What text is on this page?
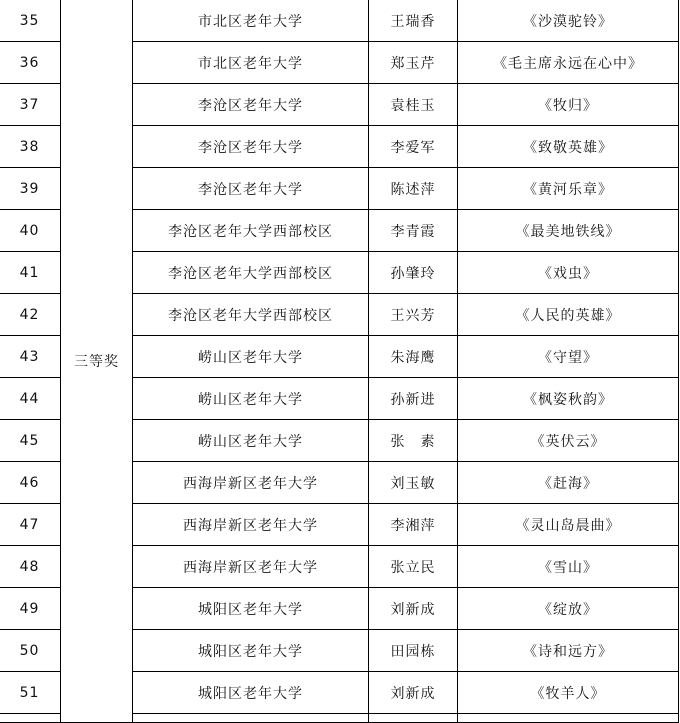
35	三等奖	市北区老年大学	王瑞香	《沙漠驼铃》
36		市北区老年大学	郑玉芹	《毛主席永远在心中》
37		李沧区老年大学	袁桂玉	《牧归》
38		李沧区老年大学	李爱军	《致敬英雄》
39		李沧区老年大学	陈述萍	《黄河乐章》
40		李沧区老年大学西部校区	李青霞	《最美地铁线》
41		李沧区老年大学西部校区	孙肇玲	《戏虫》
42		李沧区老年大学西部校区	王兴芳	《人民的英雄》
43		崂山区老年大学	朱海鹰	《守望》
44		崂山区老年大学	孙新进	《枫姿秋韵》
45		崂山区老年大学	张　素	《英伏云》
46		西海岸新区老年大学	刘玉敏	《赶海》
47		西海岸新区老年大学	李湘萍	《灵山岛晨曲》
48		西海岸新区老年大学	张立民	《雪山》
49		城阳区老年大学	刘新成	《绽放》
50		城阳区老年大学	田园栋	《诗和远方》
51		城阳区老年大学	刘新成	《牧羊人》
